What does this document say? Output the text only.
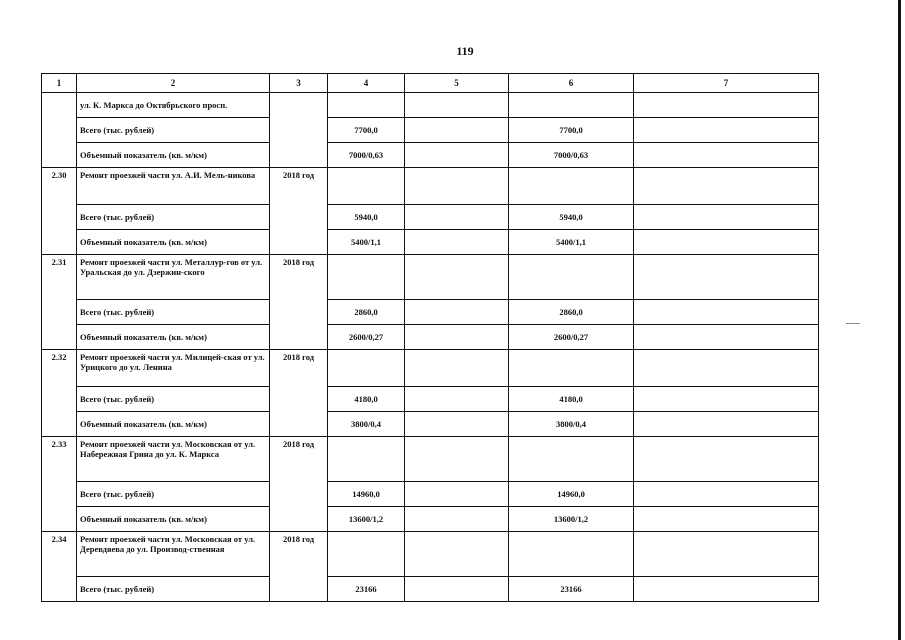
119
1	2	3	4	5	6	7
	ул. К. Маркса до Октябрьского просп.					
	Всего (тыс. рублей)		7700,0		7700,0	
	Объемный показатель (кв. м/км)		7000/0,63		7000/0,63	
2.30	Ремонт проезжей части ул. А.И. Мель-никова	2018 год				
	Всего (тыс. рублей)		5940,0		5940,0	
	Объемный показатель (кв. м/км)		5400/1,1		5400/1,1	
2.31	Ремонт проезжей части ул. Металлур-гов от ул. Уральская до ул. Дзержин-ского	2018 год				
	Всего (тыс. рублей)		2860,0		2860,0	
	Объемный показатель (кв. м/км)		2600/0,27		2600/0,27	
2.32	Ремонт проезжей части ул. Милицей-ская от ул. Урицкого до ул. Ленина	2018 год				
	Всего (тыс. рублей)		4180,0		4180,0	
	Объемный показатель (кв. м/км)		3800/0,4		3800/0,4	
2.33	Ремонт проезжей части ул. Московская от ул. Набережная Грина до ул. К. Маркса	2018 год				
	Всего (тыс. рублей)		14960,0		14960,0	
	Объемный показатель (кв. м/км)		13600/1,2		13600/1,2	
2.34	Ремонт проезжей части ул. Московская от ул. Деревдяева до ул. Производ-ственная	2018 год				
	Всего (тыс. рублей)		23166		23166	
